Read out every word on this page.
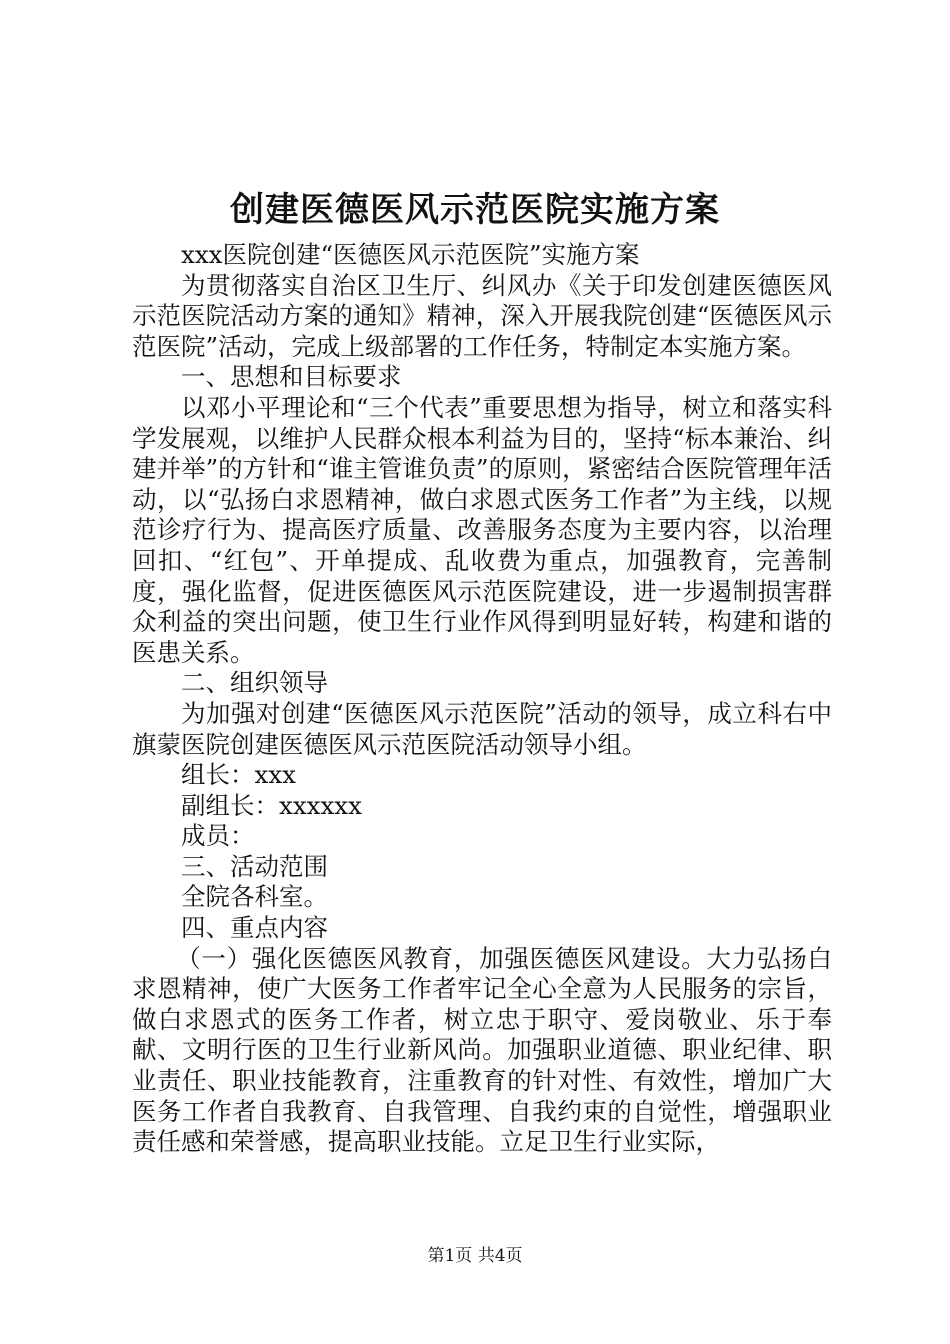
创建医德医风示范医院实施方案

xxx医院创建“医德医风示范医院”实施方案

为贯彻落实自治区卫生厅、纠风办《关于印发创建医德医风示范医院活动方案的通知》精神，深入开展我院创建“医德医风示范医院”活动，完成上级部署的工作任务，特制定本实施方案。

一、思想和目标要求

以邓小平理论和“三个代表”重要思想为指导，树立和落实科学发展观，以维护人民群众根本利益为目的，坚持“标本兼治、纠建并举”的方针和“谁主管谁负责”的原则，紧密结合医院管理年活动，以“弘扬白求恩精神，做白求恩式医务工作者”为主线，以规范诊疗行为、提高医疗质量、改善服务态度为主要内容，以治理回扣、“红包”、开单提成、乱收费为重点，加强教育，完善制度，强化监督，促进医德医风示范医院建设，进一步遏制损害群众利益的突出问题，使卫生行业作风得到明显好转，构建和谐的医患关系。

二、组织领导

为加强对创建“医德医风示范医院”活动的领导，成立科右中旗蒙医院创建医德医风示范医院活动领导小组。

组长：xxx

副组长：xxxxxx

成员：

三、活动范围

全院各科室。

四、重点内容

（一）强化医德医风教育，加强医德医风建设。大力弘扬白求恩精神，使广大医务工作者牢记全心全意为人民服务的宗旨，做白求恩式的医务工作者，树立忠于职守、爱岗敬业、乐于奉献、文明行医的卫生行业新风尚。加强职业道德、职业纪律、职业责任、职业技能教育，注重教育的针对性、有效性，增加广大医务工作者自我教育、自我管理、自我约束的自觉性，增强职业责任感和荣誉感，提高职业技能。立足卫生行业实际，

第1页 共4页
